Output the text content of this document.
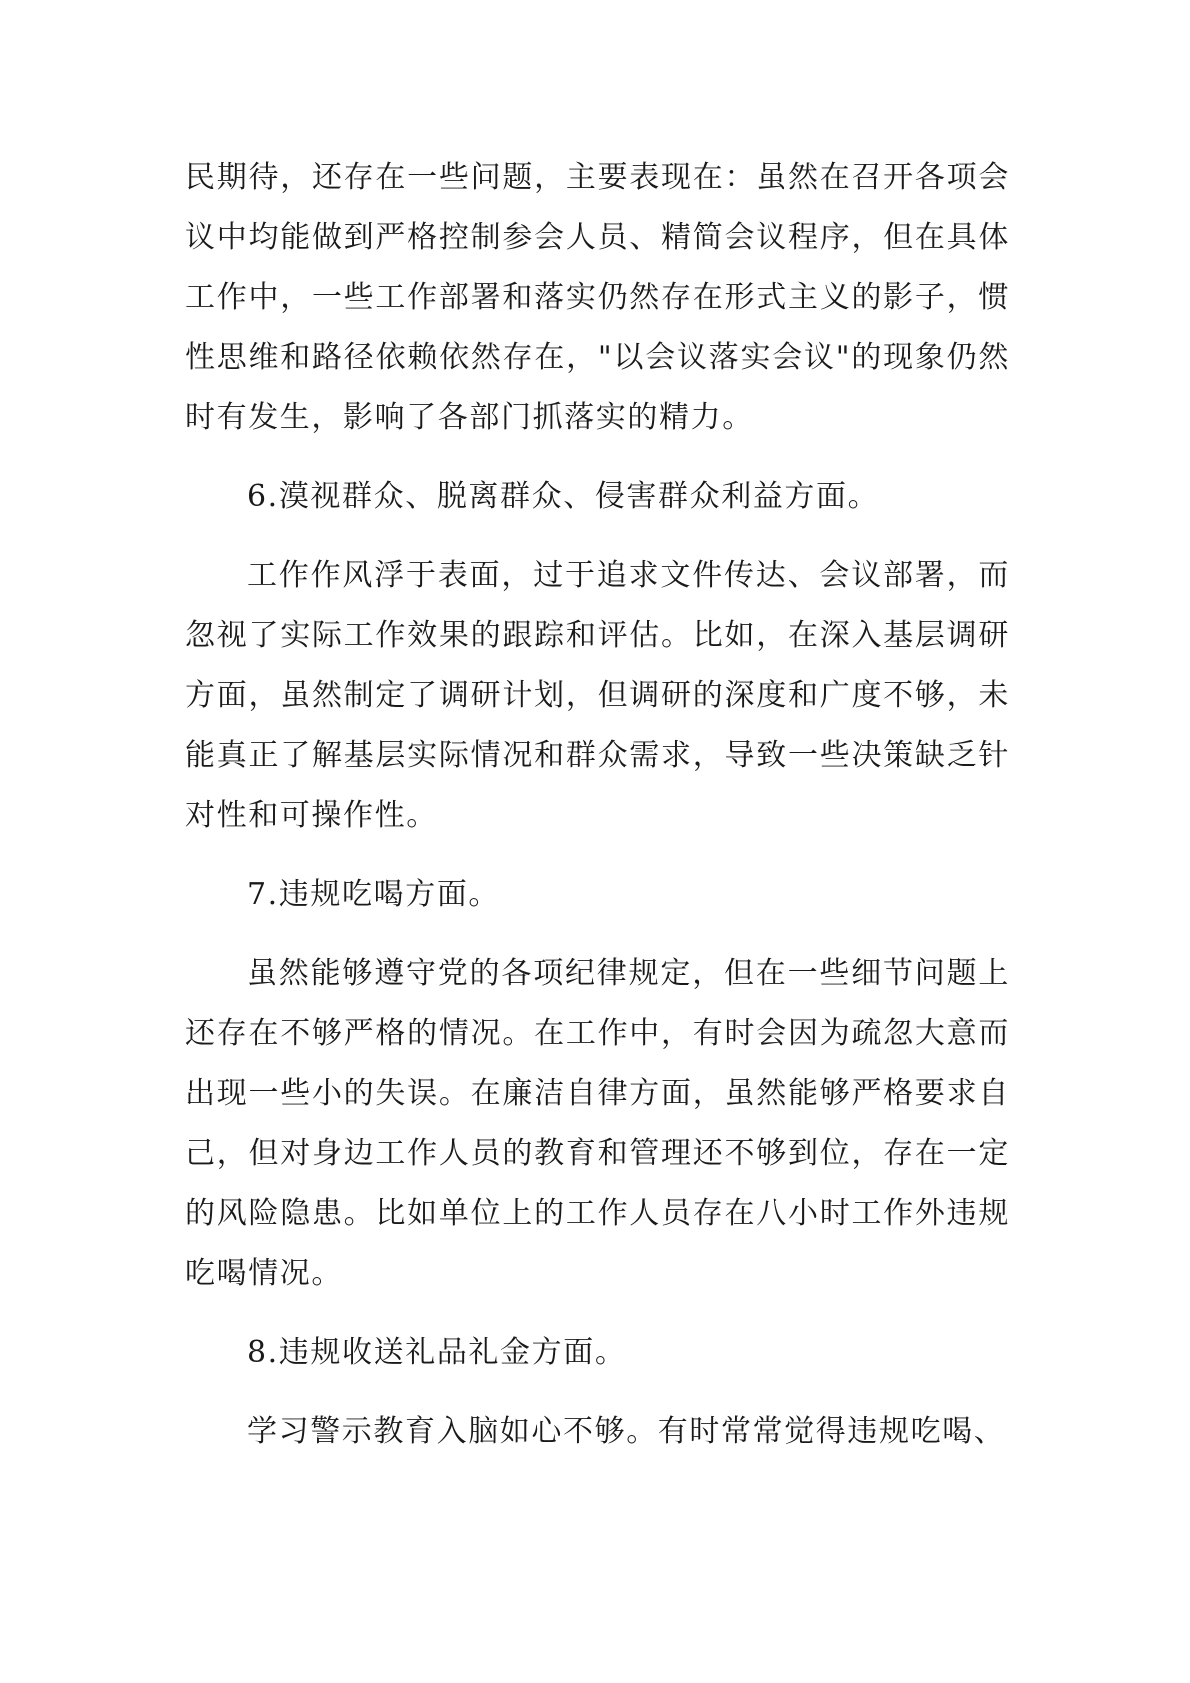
民期待，还存在一些问题，主要表现在：虽然在召开各项会议中均能做到严格控制参会人员、精简会议程序，但在具体工作中，一些工作部署和落实仍然存在形式主义的影子，惯性思维和路径依赖依然存在，"以会议落实会议"的现象仍然时有发生，影响了各部门抓落实的精力。

6.漠视群众、脱离群众、侵害群众利益方面。

工作作风浮于表面，过于追求文件传达、会议部署，而忽视了实际工作效果的跟踪和评估。比如，在深入基层调研方面，虽然制定了调研计划，但调研的深度和广度不够，未能真正了解基层实际情况和群众需求，导致一些决策缺乏针对性和可操作性。

7.违规吃喝方面。

虽然能够遵守党的各项纪律规定，但在一些细节问题上还存在不够严格的情况。在工作中，有时会因为疏忽大意而出现一些小的失误。在廉洁自律方面，虽然能够严格要求自己，但对身边工作人员的教育和管理还不够到位，存在一定的风险隐患。比如单位上的工作人员存在八小时工作外违规吃喝情况。

8.违规收送礼品礼金方面。

学习警示教育入脑如心不够。有时常常觉得违规吃喝、
